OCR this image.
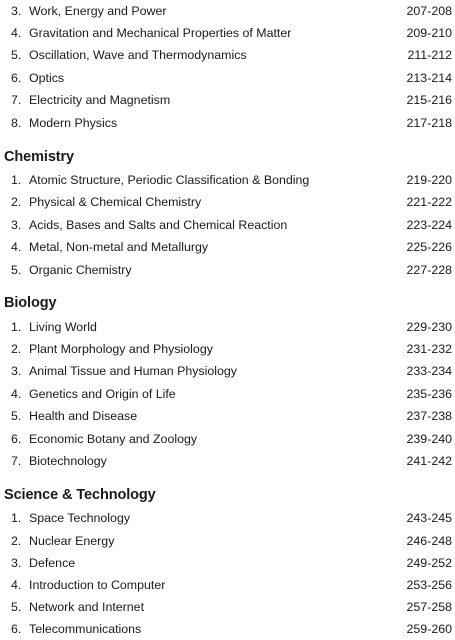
3. Work, Energy and Power	207-208
4. Gravitation and Mechanical Properties of Matter	209-210
5. Oscillation, Wave and Thermodynamics	211-212
6. Optics	213-214
7. Electricity and Magnetism	215-216
8. Modern Physics	217-218
Chemistry
1. Atomic Structure, Periodic Classification & Bonding	219-220
2. Physical & Chemical Chemistry	221-222
3. Acids, Bases and Salts and Chemical Reaction	223-224
4. Metal, Non-metal and Metallurgy	225-226
5. Organic Chemistry	227-228
Biology
1. Living World	229-230
2. Plant Morphology and Physiology	231-232
3. Animal Tissue and Human Physiology	233-234
4. Genetics and Origin of Life	235-236
5. Health and Disease	237-238
6. Economic Botany and Zoology	239-240
7. Biotechnology	241-242
Science & Technology
1. Space Technology	243-245
2. Nuclear Energy	246-248
3. Defence	249-252
4. Introduction to Computer	253-256
5. Network and Internet	257-258
6. Telecommunications	259-260
